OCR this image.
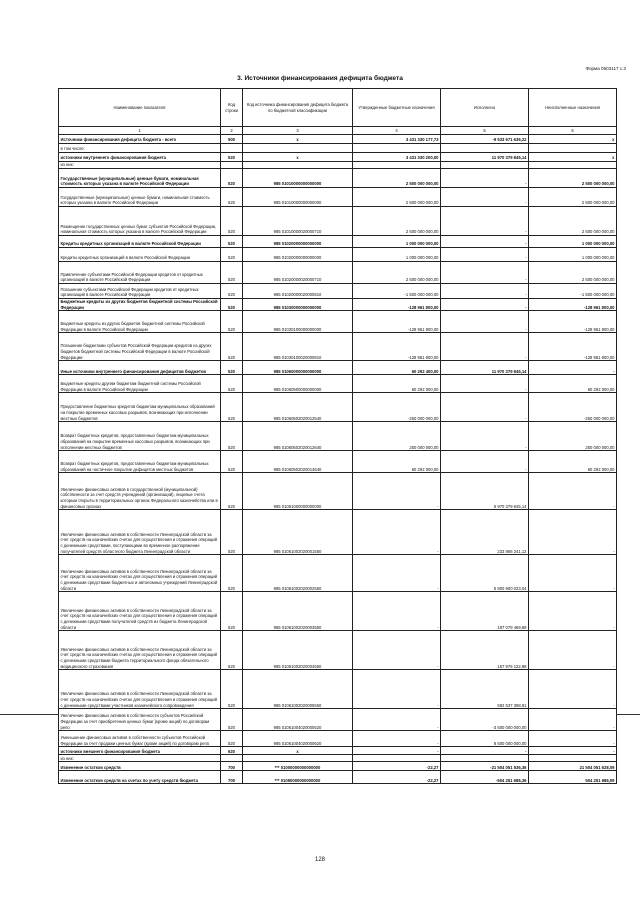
Форма 0503117 с.3
3. Источники финансирования дефицита бюджета
Наименование показателя	Код строки	Код источника финансирования дефицита бюджета по бюджетной классификации	Утвержденные бюджетные назначения	Исполнено	Неисполненные назначения
1	2	3	4	5	6
Источники финансирования дефицита бюджета - всего	500	x	3 431 330 177,73	-9 533 671 636,22	x
в том числе:					
источники внутреннего финансирования бюджета	520	x	3 431 330 200,00	11 970 379 845,14	x
из них:					
Государственные (муниципальные) ценные бумаги, номинальная стоимость которых указана в валюте Российской Федерации	520	985 01010000000000000	2 500 000 000,00	-	2 500 000 000,00
Государственные (муниципальные) ценные бумаги, номинальная стоимость которых указана в валюте Российской Федерации	520	985 01010000000000000	2 500 000 000,00	-	2 500 000 000,00
Размещение государственных ценных бумаг субъектов Российской Федерации, номинальная стоимость которых указана в валюте Российской Федерации	520	985 01010000020000710	2 500 000 000,00	-	2 500 000 000,00
Кредиты кредитных организаций в валюте Российской Федерации	520	985 01020000000000000	1 000 000 000,00	-	1 000 000 000,00
Кредиты кредитных организаций в валюте Российской Федерации	520	985 01020000000000000	1 000 000 000,00	-	1 000 000 000,00
Привлечение субъектами Российской Федерации кредитов от кредитных организаций в валюте Российской Федерации	520	985 01020000020000710	2 500 000 000,00	-	2 500 000 000,00
Погашение субъектами Российской Федерации кредитов от кредитных организаций в валюте Российской Федерации	520	985 01020000020000810	-1 500 000 000,00	-	-1 500 000 000,00
Бюджетные кредиты из других бюджетов бюджетной системы Российской Федерации	520	985 01030000000000000	-128 961 800,00	-	-128 961 800,00
Бюджетные кредиты из других бюджетов бюджетной системы Российской Федерации в валюте Российской Федерации	520	985 01030100000000000	-128 961 800,00	-	-128 961 800,00
Погашение бюджетами субъектов Российской Федерации кредитов из других бюджетов бюджетной системы Российской Федерации в валюте Российской Федерации	520	985 01030100020000810	-128 961 800,00	-	-128 961 800,00
Иные источники внутреннего финансирования дефицитов бюджетов	520	985 01060000000000000	60 292 400,00	11 970 379 845,14	-
Бюджетные кредиты другим бюджетам бюджетной системы Российской Федерации в валюте Российской Федерации	520	985 01060500000000000	60 292 000,00	-	60 292 000,00
Предоставление бюджетных кредитов бюджетам муниципальных образований на покрытие временных кассовых разрывов, возникающих при исполнении местных бюджетов	520	985 01060502020012540	-250 000 000,00	-	-250 000 000,00
Возврат бюджетных кредитов, предоставленных бюджетам муниципальных образований на покрытие временных кассовых разрывов, возникающих при исполнении местных бюджетов	520	985 01060502020012640	250 000 000,00	-	250 000 000,00
Возврат бюджетных кредитов, предоставленных бюджетам муниципальных образований на частичное покрытие дефицитов местных бюджетов	520	985 01060502020014640	60 292 000,00	-	60 292 000,00
Увеличение финансовых активов в государственной (муниципальной) собственности за счет средств учреждений (организаций), лицевые счета которым открыты в территориальных органах Федерального казначейства или в финансовых органах	520	985 01061000000000000	-	6 970 379 845,14	-
Увеличение финансовых активов в собственности Ленинградской области за счет средств на казначейских счетах для осуществления и отражения операций с денежными средствами, поступающими во временное распоряжение получателей средств областного бюджета Ленинградской области	520	985 01061002020001550	-	233 866 241,12	-
Увеличение финансовых активов в собственности Ленинградской области за счет средств на казначейских счетах для осуществления и отражения операций с денежными средствами бюджетных и автономных учреждений Ленинградской области	520	985 01061002020002550	-	5 800 900 023,04	-
Увеличение финансовых активов в собственности Ленинградской области за счет средств на казначейских счетах для осуществления и отражения операций с денежными средствами получателей средств из бюджета Ленинградской области	520	985 01061002020003550	-	187 079 469,89	-
Увеличение финансовых активов в собственности Ленинградской области за счет средств на казначейских счетах для осуществления и отражения операций с денежными средствами бюджета территориального фонда обязательного медицинского страхования	520	985 01061002020004550	-	157 976 122,98	-
Увеличение финансовых активов в собственности Ленинградской области за счет средств на казначейских счетах для осуществления и отражения операций с денежными средствами участников казначейского сопровождения	520	985 01061002020005550	-	582 537 398,91	-
Увеличение финансовых активов в собственности субъектов Российской Федерации за счет приобретения ценных бумаг (кроме акций) по договорам репо	520	985 01061004020000520	-	-3 500 000 000,00	-
Уменьшение финансовых активов в собственности субъектов Российской Федерации за счет продажи ценных бумаг (кроме акций) по договорам репо	520	985 01061004020000620	-	8 500 000 000,00	-
источники внешнего финансирования бюджета	620	x	-	-	-
из них:					
Изменение остатков средств	700	*** 01000000000000000	-22,27	-21 504 051 536,36	21 504 051 628,09
Изменение остатков средств на счетах по учету средств бюджета	700	*** 01050000000000000	-22,27	-504 251 686,36	504 251 686,09
128
